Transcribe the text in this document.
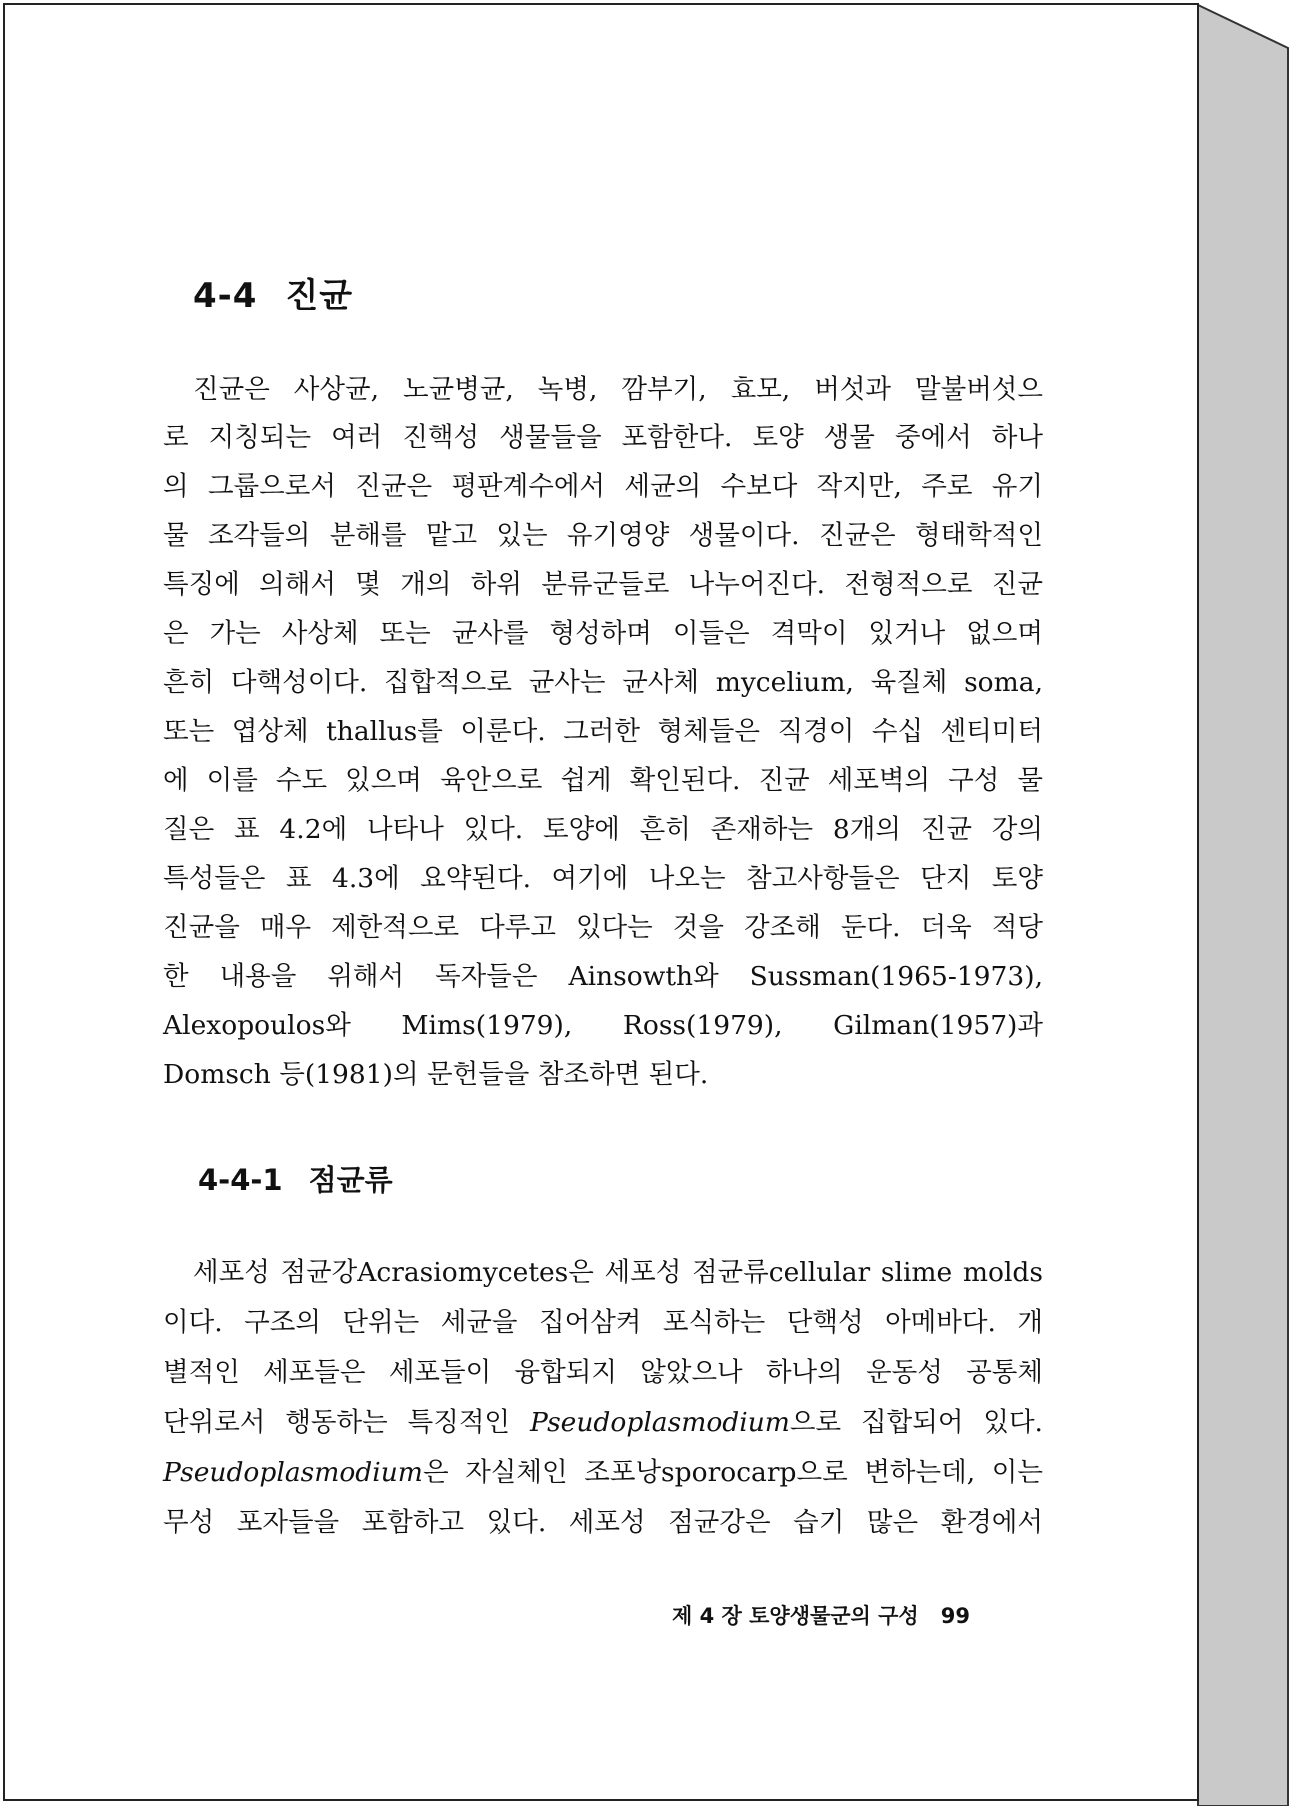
4-4 진균
진균은 사상균, 노균병균, 녹병, 깜부기, 효모, 버섯과 말불버섯으
로 지칭되는 여러 진핵성 생물들을 포함한다. 토양 생물 중에서 하나
의 그룹으로서 진균은 평판계수에서 세균의 수보다 작지만, 주로 유기
물 조각들의 분해를 맡고 있는 유기영양 생물이다. 진균은 형태학적인
특징에 의해서 몇 개의 하위 분류군들로 나누어진다. 전형적으로 진균
은 가는 사상체 또는 균사를 형성하며 이들은 격막이 있거나 없으며
흔히 다핵성이다. 집합적으로 균사는 균사체 mycelium, 육질체 soma,
또는 엽상체 thallus를 이룬다. 그러한 형체들은 직경이 수십 센티미터
에 이를 수도 있으며 육안으로 쉽게 확인된다. 진균 세포벽의 구성 물
질은 표 4.2에 나타나 있다. 토양에 흔히 존재하는 8개의 진균 강의
특성들은 표 4.3에 요약된다. 여기에 나오는 참고사항들은 단지 토양
진균을 매우 제한적으로 다루고 있다는 것을 강조해 둔다. 더욱 적당
한 내용을 위해서 독자들은 Ainsowth와 Sussman(1965-1973),
Alexopoulos와 Mims(1979), Ross(1979), Gilman(1957)과
Domsch 등(1981)의 문헌들을 참조하면 된다.
4-4-1 점균류
세포성 점균강Acrasiomycetes은 세포성 점균류cellular slime molds
이다. 구조의 단위는 세균을 집어삼켜 포식하는 단핵성 아메바다. 개
별적인 세포들은 세포들이 융합되지 않았으나 하나의 운동성 공통체
단위로서 행동하는 특징적인 Pseudoplasmodium으로 집합되어 있다.
Pseudoplasmodium은 자실체인 조포낭sporocarp으로 변하는데, 이는
무성 포자들을 포함하고 있다. 세포성 점균강은 습기 많은 환경에서
제 4 장 토양생물군의 구성 99
